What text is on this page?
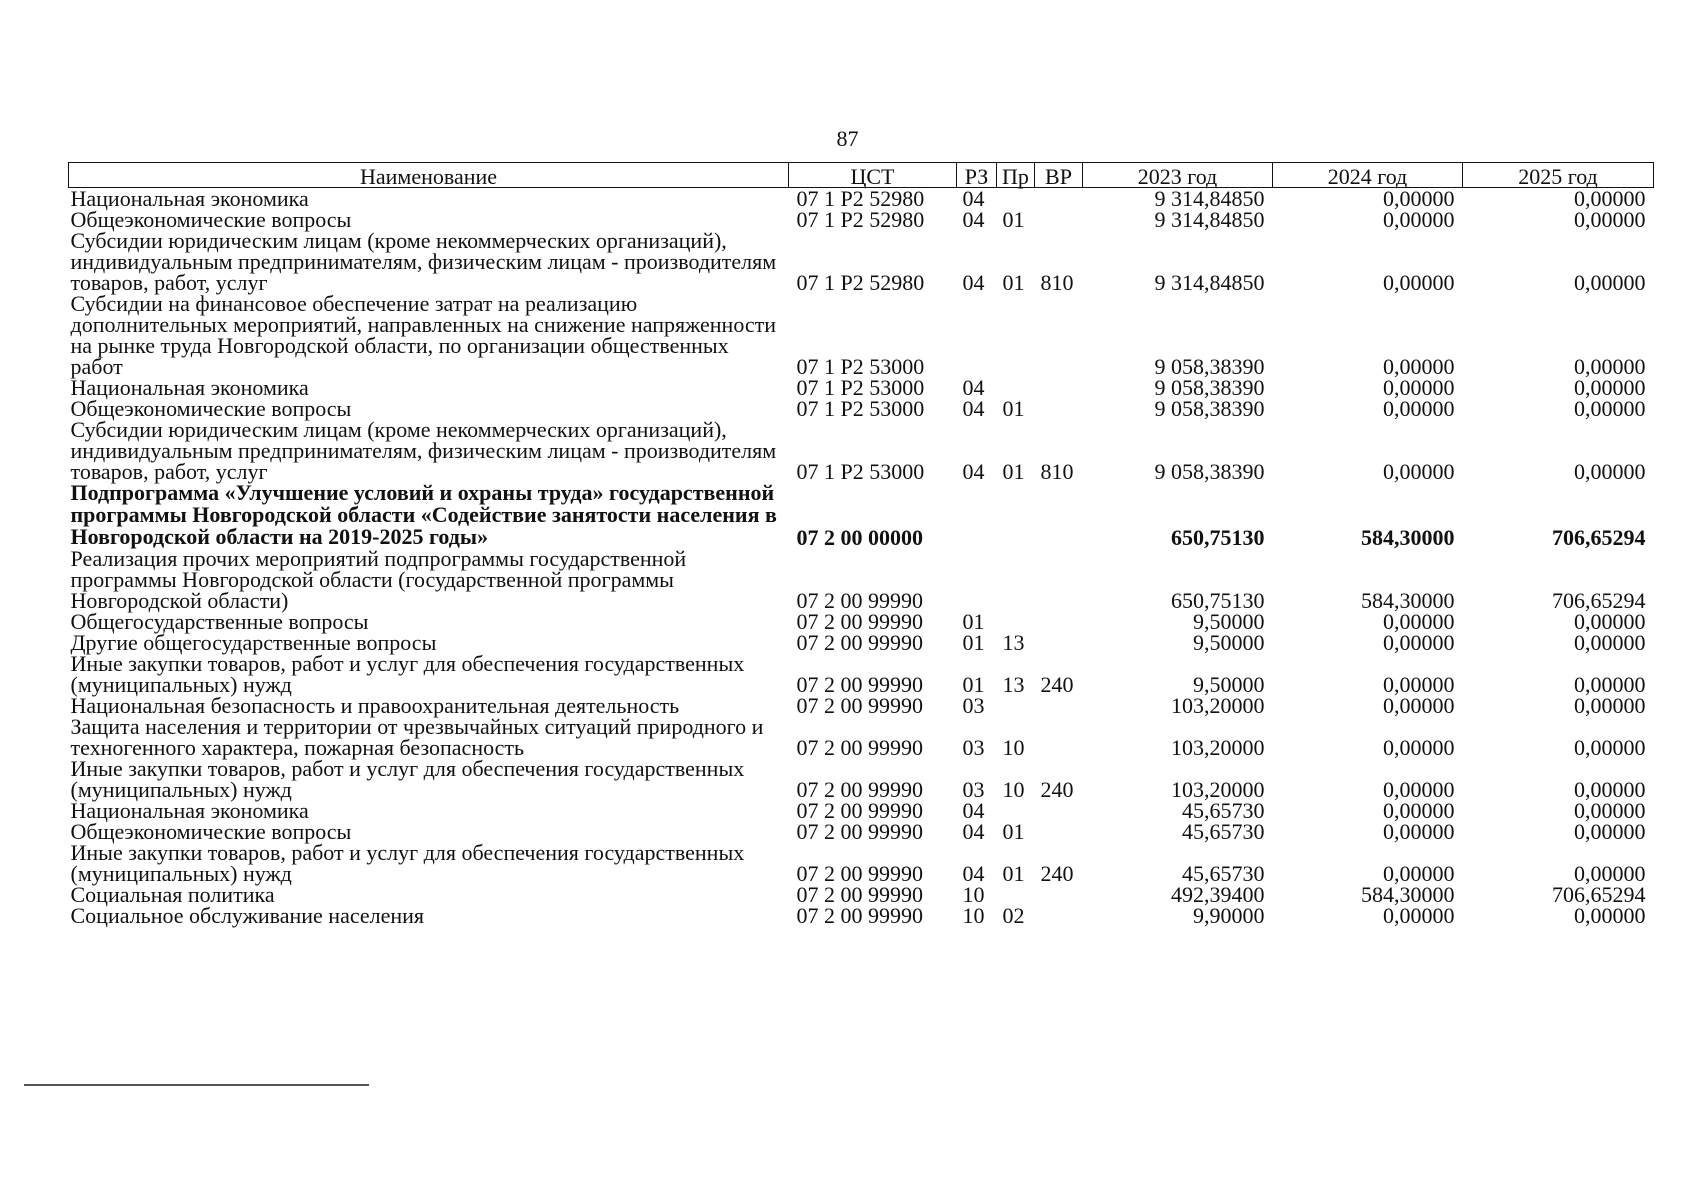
87
Наименование	ЦСТ	РЗ	Пр	ВР	2023 год	2024 год	2025 год
Национальная экономика	07 1 Р2 52980	04			9 314,84850	0,00000	0,00000
Общеэкономические вопросы	07 1 Р2 52980	04	01		9 314,84850	0,00000	0,00000
Субсидии юридическим лицам (кроме некоммерческих организаций), индивидуальным предпринимателям, физическим лицам - производителям товаров, работ, услуг	07 1 Р2 52980	04	01	810	9 314,84850	0,00000	0,00000
Субсидии на финансовое обеспечение затрат на реализацию дополнительных мероприятий, направленных на снижение напряженности на рынке труда Новгородской области, по организации общественных работ	07 1 Р2 53000				9 058,38390	0,00000	0,00000
Национальная экономика	07 1 Р2 53000	04			9 058,38390	0,00000	0,00000
Общеэкономические вопросы	07 1 Р2 53000	04	01		9 058,38390	0,00000	0,00000
Субсидии юридическим лицам (кроме некоммерческих организаций), индивидуальным предпринимателям, физическим лицам - производителям товаров, работ, услуг	07 1 Р2 53000	04	01	810	9 058,38390	0,00000	0,00000
Подпрограмма «Улучшение условий и охраны труда» государственной программы Новгородской области «Содействие занятости населения в Новгородской области на 2019-2025 годы»	07 2 00 00000				650,75130	584,30000	706,65294
Реализация прочих мероприятий подпрограммы государственной программы Новгородской области (государственной программы Новгородской области)	07 2 00 99990				650,75130	584,30000	706,65294
Общегосударственные вопросы	07 2 00 99990	01			9,50000	0,00000	0,00000
Другие общегосударственные вопросы	07 2 00 99990	01	13		9,50000	0,00000	0,00000
Иные закупки товаров, работ и услуг для обеспечения государственных (муниципальных) нужд	07 2 00 99990	01	13	240	9,50000	0,00000	0,00000
Национальная безопасность и правоохранительная деятельность	07 2 00 99990	03			103,20000	0,00000	0,00000
Защита населения и территории от чрезвычайных ситуаций природного и техногенного характера, пожарная безопасность	07 2 00 99990	03	10		103,20000	0,00000	0,00000
Иные закупки товаров, работ и услуг для обеспечения государственных (муниципальных) нужд	07 2 00 99990	03	10	240	103,20000	0,00000	0,00000
Национальная экономика	07 2 00 99990	04			45,65730	0,00000	0,00000
Общеэкономические вопросы	07 2 00 99990	04	01		45,65730	0,00000	0,00000
Иные закупки товаров, работ и услуг для обеспечения государственных (муниципальных) нужд	07 2 00 99990	04	01	240	45,65730	0,00000	0,00000
Социальная политика	07 2 00 99990	10			492,39400	584,30000	706,65294
Социальное обслуживание населения	07 2 00 99990	10	02		9,90000	0,00000	0,00000
